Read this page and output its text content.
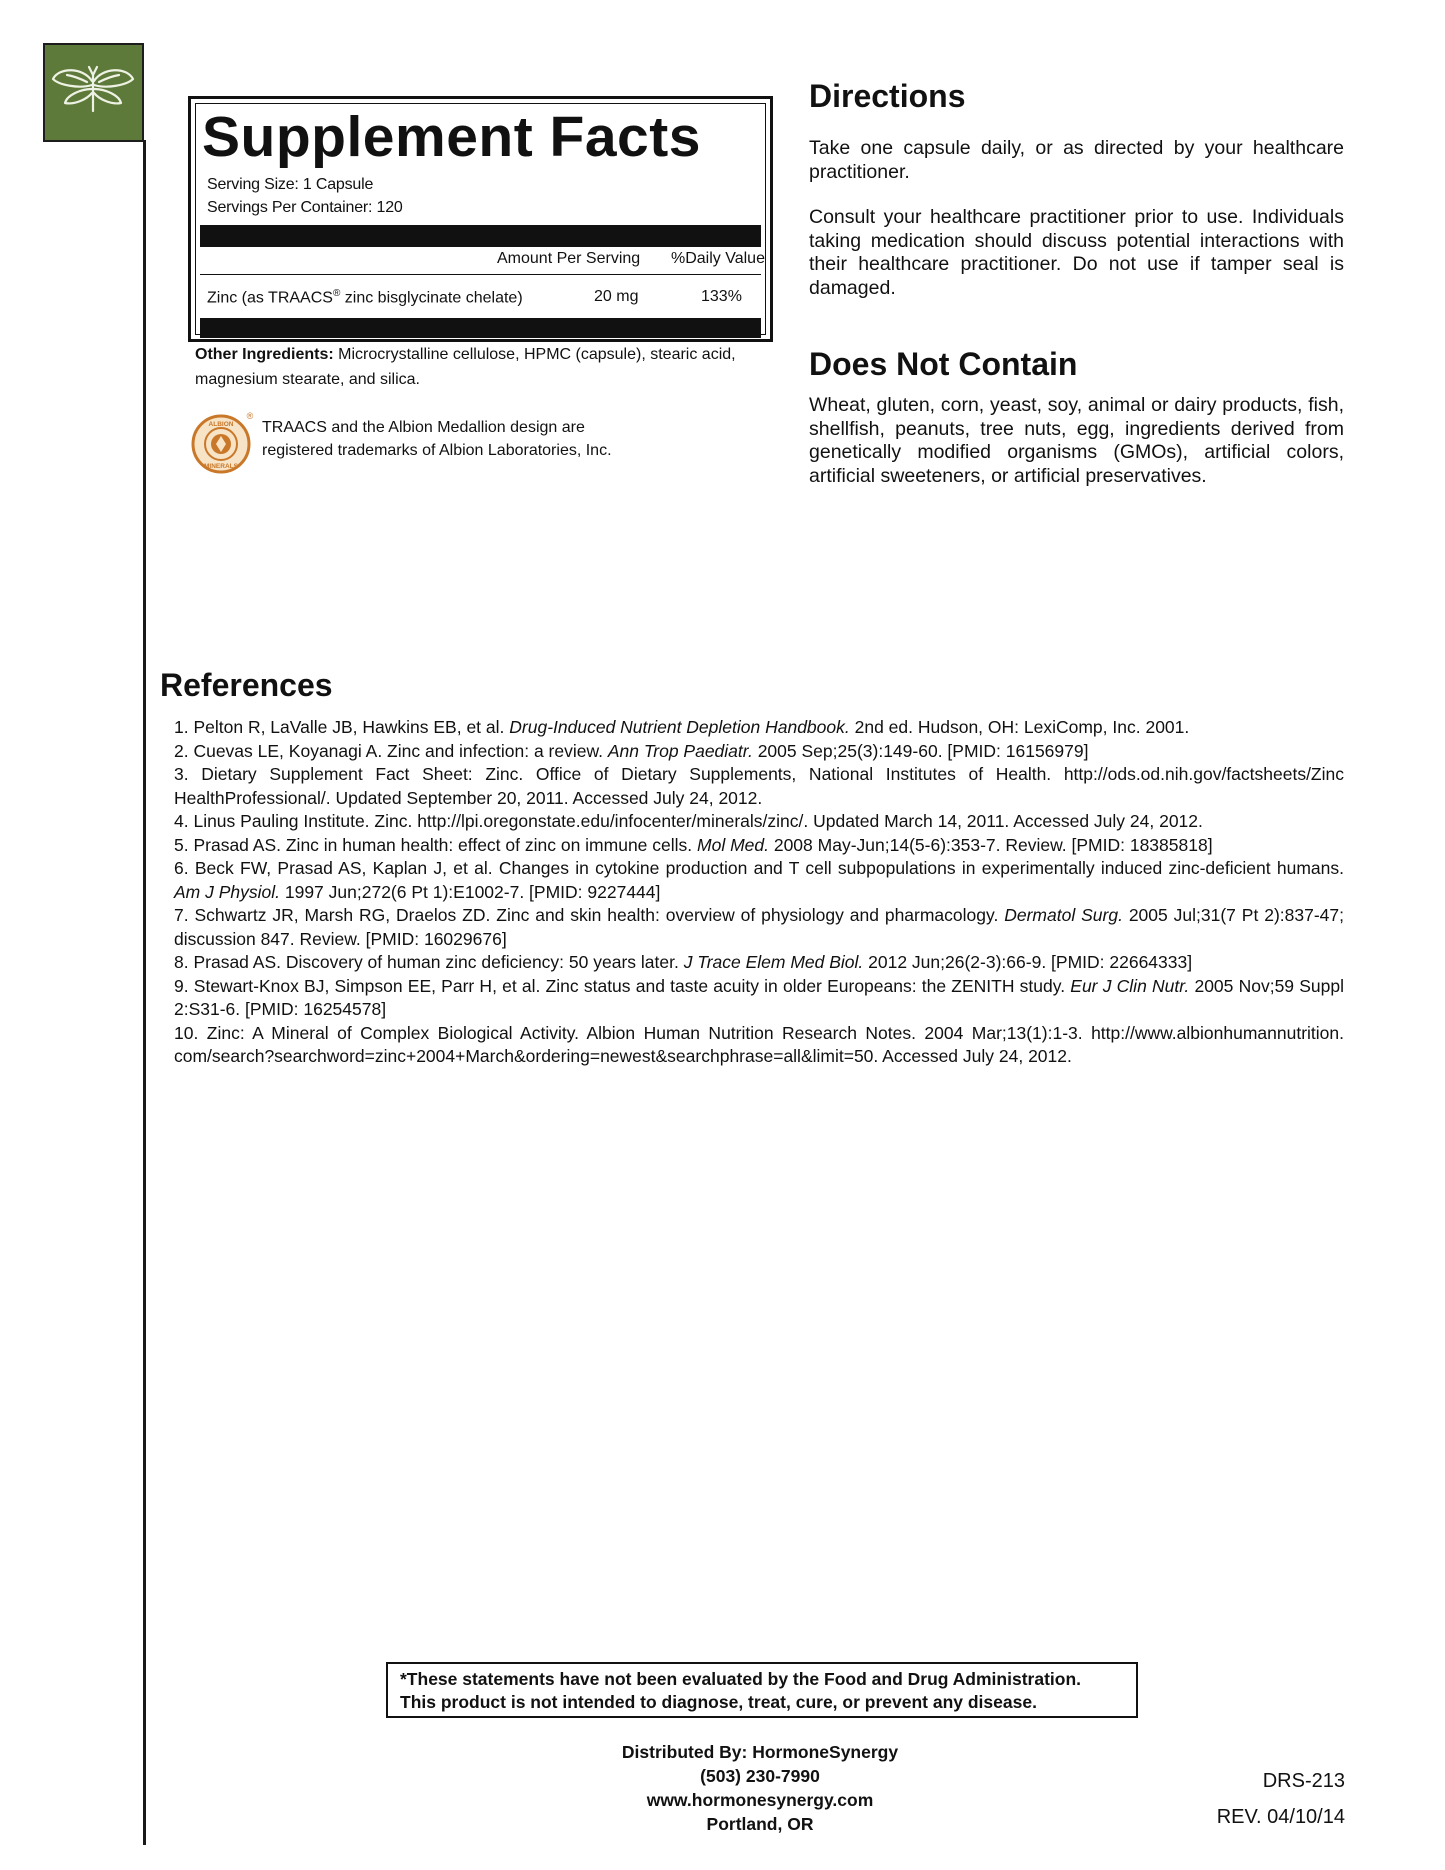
Supplement Facts
Serving Size: 1 Capsule
Servings Per Container: 120
Amount Per Serving %Daily Value
Zinc (as TRAACS® zinc bisglycinate chelate)	20 mg	133%
Other Ingredients: Microcrystalline cellulose, HPMC (capsule), stearic acid, magnesium stearate, and silica.
ALBION
MINERALS
®
TRAACS and the Albion Medallion design are
registered trademarks of Albion Laboratories, Inc.
Directions
Take one capsule daily, or as directed by your healthcare practitioner.
Consult your healthcare practitioner prior to use. Individuals taking medication should discuss potential interactions with their healthcare practitioner. Do not use if tamper seal is damaged.
Does Not Contain
Wheat, gluten, corn, yeast, soy, animal or dairy products, fish, shellfish, peanuts, tree nuts, egg, ingredients derived from genetically modified organisms (GMOs), artificial colors, artificial sweeteners, or artificial preservatives.
References
1. Pelton R, LaValle JB, Hawkins EB, et al. Drug-Induced Nutrient Depletion Handbook. 2nd ed. Hudson, OH: LexiComp, Inc. 2001.
2. Cuevas LE, Koyanagi A. Zinc and infection: a review. Ann Trop Paediatr. 2005 Sep;25(3):149-60. [PMID: 16156979]
3. Dietary Supplement Fact Sheet: Zinc. Office of Dietary Supplements, National Institutes of Health. http://ods.od.nih.gov/factsheets/Zinc HealthProfessional/. Updated September 20, 2011. Accessed July 24, 2012.
4. Linus Pauling Institute. Zinc. http://lpi.oregonstate.edu/infocenter/minerals/zinc/. Updated March 14, 2011. Accessed July 24, 2012.
5. Prasad AS. Zinc in human health: effect of zinc on immune cells. Mol Med. 2008 May-Jun;14(5-6):353-7. Review. [PMID: 18385818]
6. Beck FW, Prasad AS, Kaplan J, et al. Changes in cytokine production and T cell subpopulations in experimentally induced zinc-deficient humans. Am J Physiol. 1997 Jun;272(6 Pt 1):E1002-7. [PMID: 9227444]
7. Schwartz JR, Marsh RG, Draelos ZD. Zinc and skin health: overview of physiology and pharmacology. Dermatol Surg. 2005 Jul;31(7 Pt 2):837-47; discussion 847. Review. [PMID: 16029676]
8. Prasad AS. Discovery of human zinc deficiency: 50 years later. J Trace Elem Med Biol. 2012 Jun;26(2-3):66-9. [PMID: 22664333]
9. Stewart-Knox BJ, Simpson EE, Parr H, et al. Zinc status and taste acuity in older Europeans: the ZENITH study. Eur J Clin Nutr. 2005 Nov;59 Suppl 2:S31-6. [PMID: 16254578]
10. Zinc: A Mineral of Complex Biological Activity. Albion Human Nutrition Research Notes. 2004 Mar;13(1):1-3. http://www.albionhumannutrition. com/search?searchword=zinc+2004+March&ordering=newest&searchphrase=all&limit=50. Accessed July 24, 2012.
*These statements have not been evaluated by the Food and Drug Administration.
This product is not intended to diagnose, treat, cure, or prevent any disease.
Distributed By: HormoneSynergy
(503) 230-7990
www.hormonesynergy.com
Portland, OR
DRS-213
REV. 04/10/14
